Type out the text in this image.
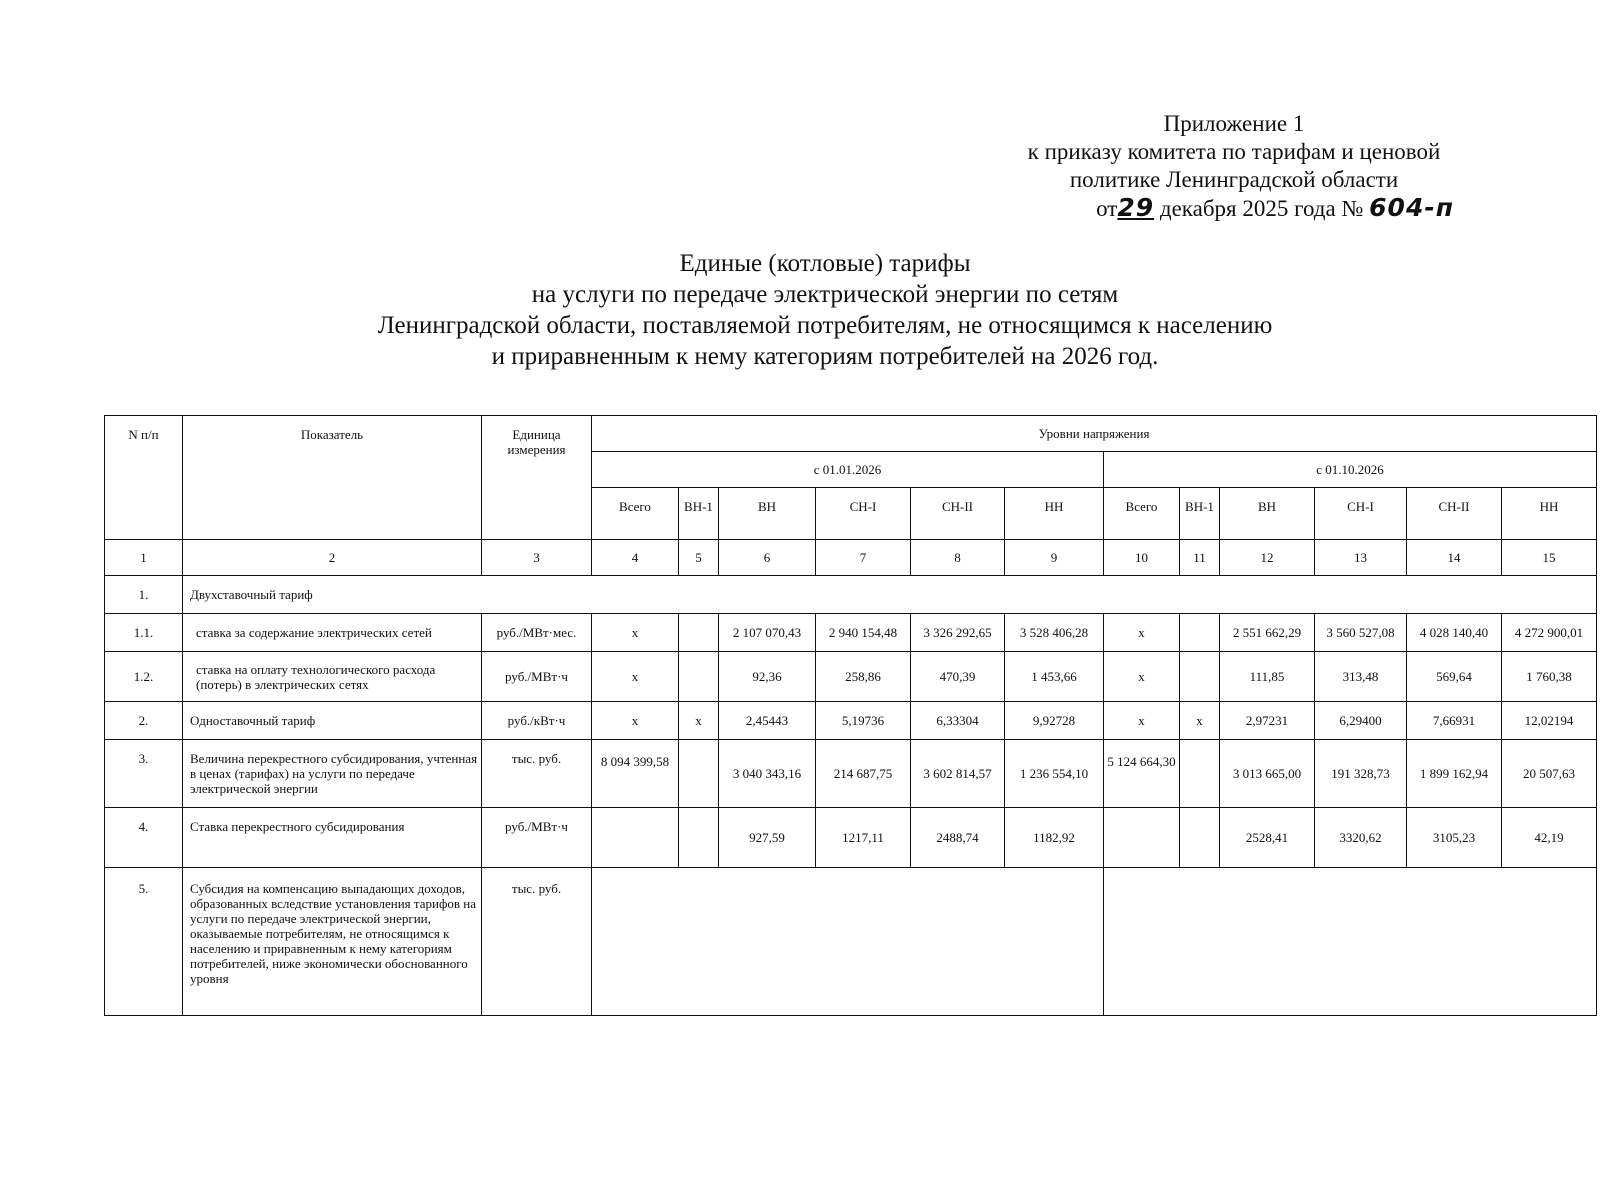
Приложение 1
к приказу комитета по тарифам и ценовой
политике Ленинградской области
от29 декабря 2025 года № 604-п
Единые (котловые) тарифы
на услуги по передаче электрической энергии по сетям
Ленинградской области, поставляемой потребителям, не относящимся к населению
и приравненным к нему категориям потребителей на 2026 год.
N п/п	Показатель	Единица измерения	Уровни напряжения											
			с 01.01.2026						с 01.10.2026					
			Всего	ВН-1	ВН	СН-I	СН-II	НН	Всего	ВН-1	ВН	СН-I	СН-II	НН
1	2	3	4	5	6	7	8	9	10	11	12	13	14	15
1.	Двухставочный тариф													
1.1.	ставка за содержание электрических сетей	руб./МВт·мес.	х		2 107 070,43	2 940 154,48	3 326 292,65	3 528 406,28	х		2 551 662,29	3 560 527,08	4 028 140,40	4 272 900,01
1.2.	ставка на оплату технологического расхода (потерь) в электрических сетях	руб./МВт·ч	х		92,36	258,86	470,39	1 453,66	х		111,85	313,48	569,64	1 760,38
2.	Одноставочный тариф	руб./кВт·ч	х	х	2,45443	5,19736	6,33304	9,92728	х	х	2,97231	6,29400	7,66931	12,02194
3.	Величина перекрестного субсидирования, учтенная в ценах (тарифах) на услуги по передаче электрической энергии	тыс. руб.	8 094 399,58		3 040 343,16	214 687,75	3 602 814,57	1 236 554,10	5 124 664,30		3 013 665,00	191 328,73	1 899 162,94	20 507,63
4.	Ставка перекрестного субсидирования	руб./МВт·ч			927,59	1217,11	2488,74	1182,92			2528,41	3320,62	3105,23	42,19
5.	Субсидия на компенсацию выпадающих доходов, образованных вследствие установления тарифов на услуги по передаче электрической энергии, оказываемые потребителям, не относящимся к населению и приравненным к нему категориям потребителей, ниже экономически обоснованного уровня	тыс. руб.												
